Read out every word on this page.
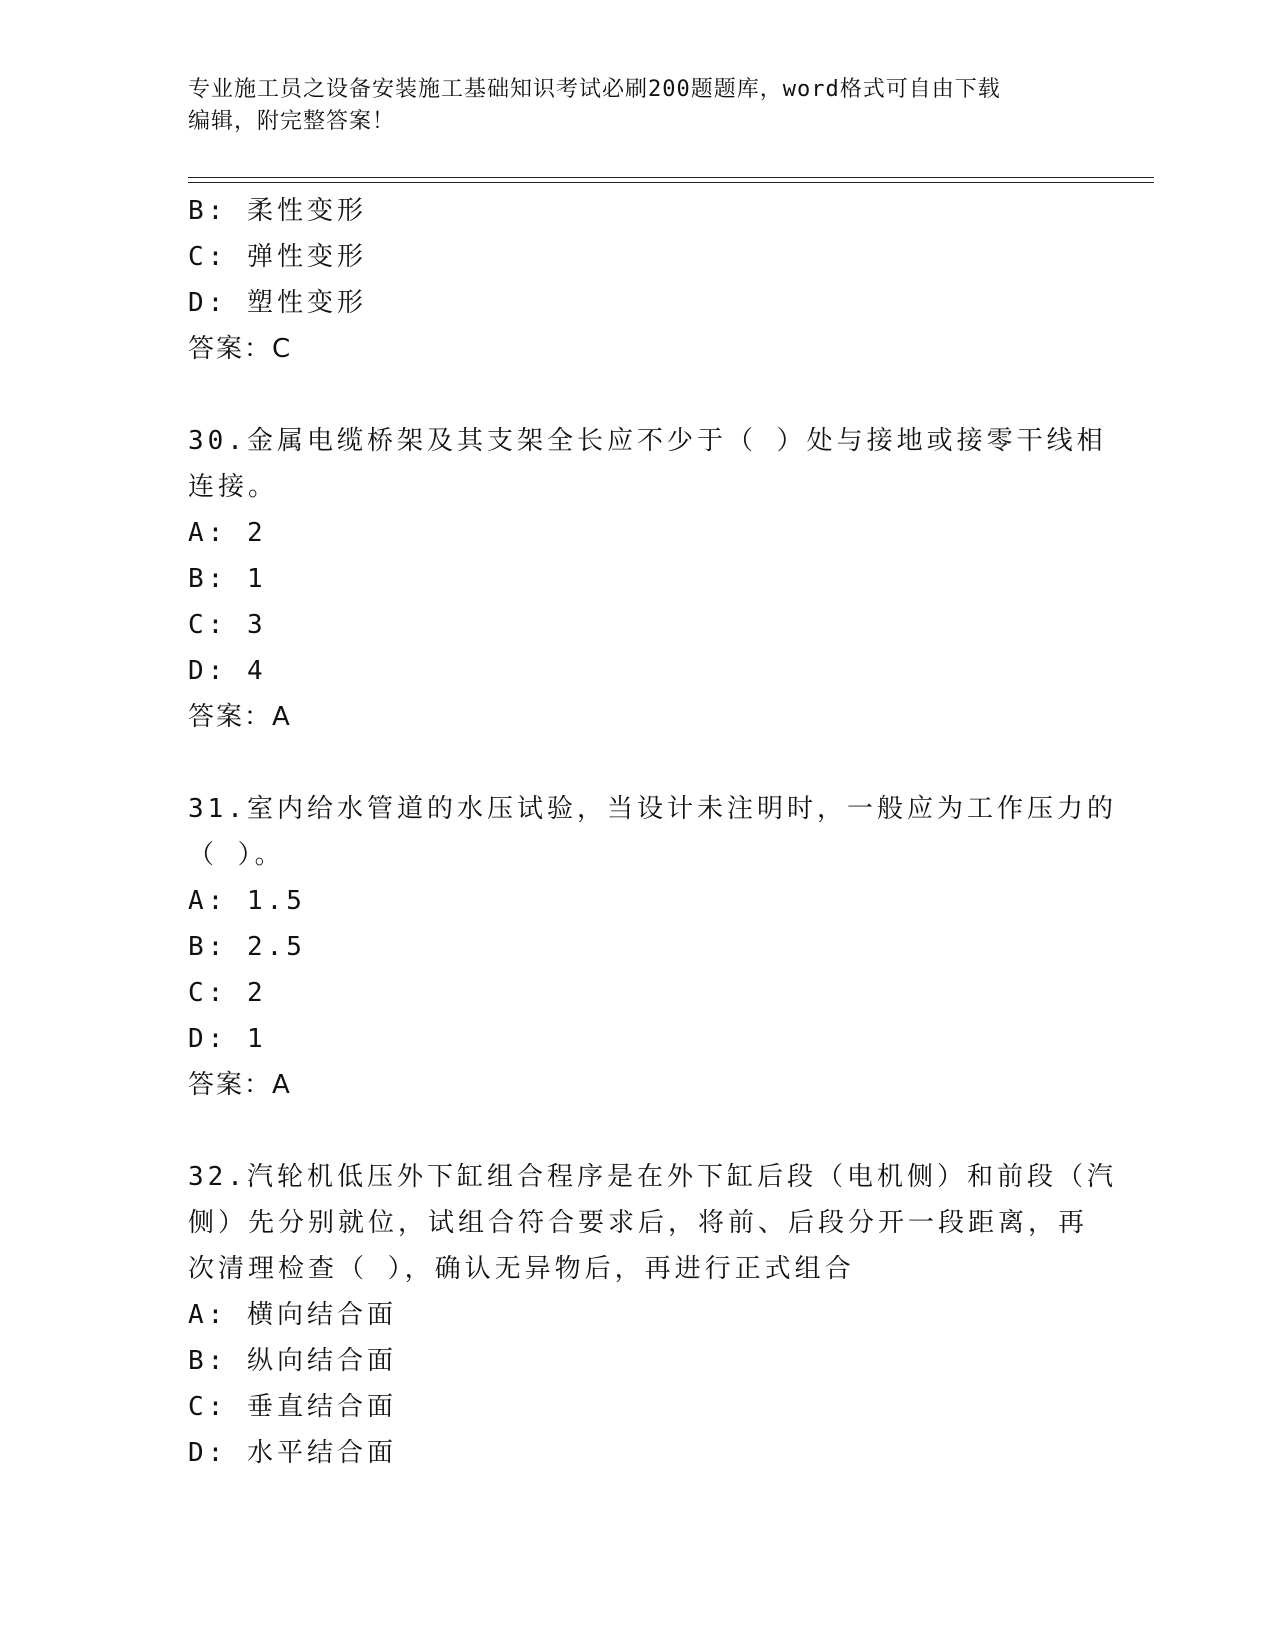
专业施工员之设备安装施工基础知识考试必刷200题题库，word格式可自由下载
编辑，附完整答案！
B: 柔性变形
C: 弹性变形
D: 塑性变形
答案：C
30.金属电缆桥架及其支架全长应不少于（ ）处与接地或接零干线相
连接。
A: 2
B: 1
C: 3
D: 4
答案：A
31.室内给水管道的水压试验，当设计未注明时，一般应为工作压力的
（ ）。
A: 1.5
B: 2.5
C: 2
D: 1
答案：A
32.汽轮机低压外下缸组合程序是在外下缸后段（电机侧）和前段（汽
侧）先分别就位，试组合符合要求后，将前、后段分开一段距离，再
次清理检查（ ），确认无异物后，再进行正式组合
A: 横向结合面
B: 纵向结合面
C: 垂直结合面
D: 水平结合面
